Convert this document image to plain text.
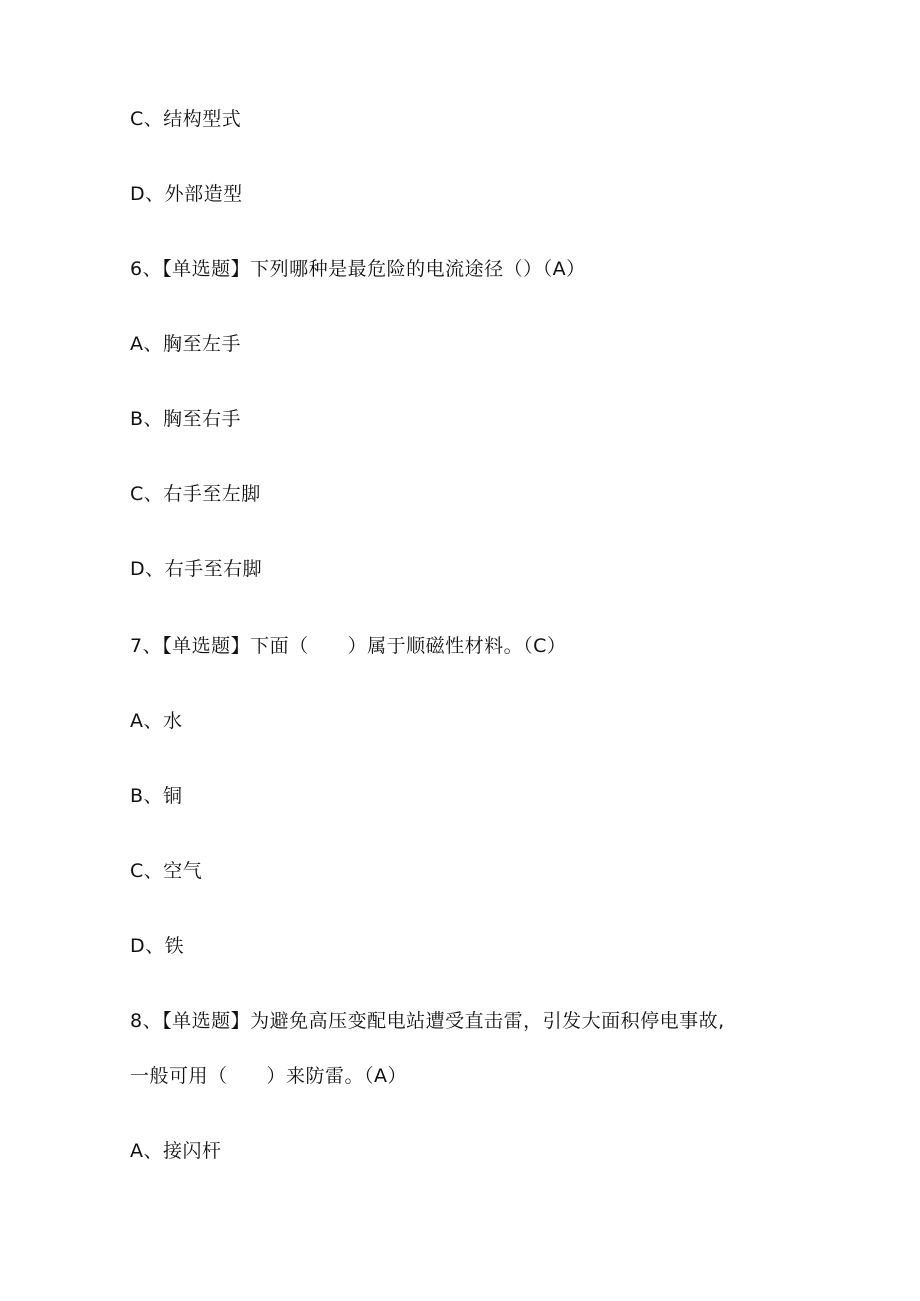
C、结构型式
D、外部造型
6、【单选题】下列哪种是最危险的电流途径（）（A）
A、胸至左手
B、胸至右手
C、右手至左脚
D、右手至右脚
7、【单选题】下面（　　）属于顺磁性材料。（C）
A、水
B、铜
C、空气
D、铁
8、【单选题】为避免高压变配电站遭受直击雷，引发大面积停电事故,
一般可用（　　）来防雷。（A）
A、接闪杆
